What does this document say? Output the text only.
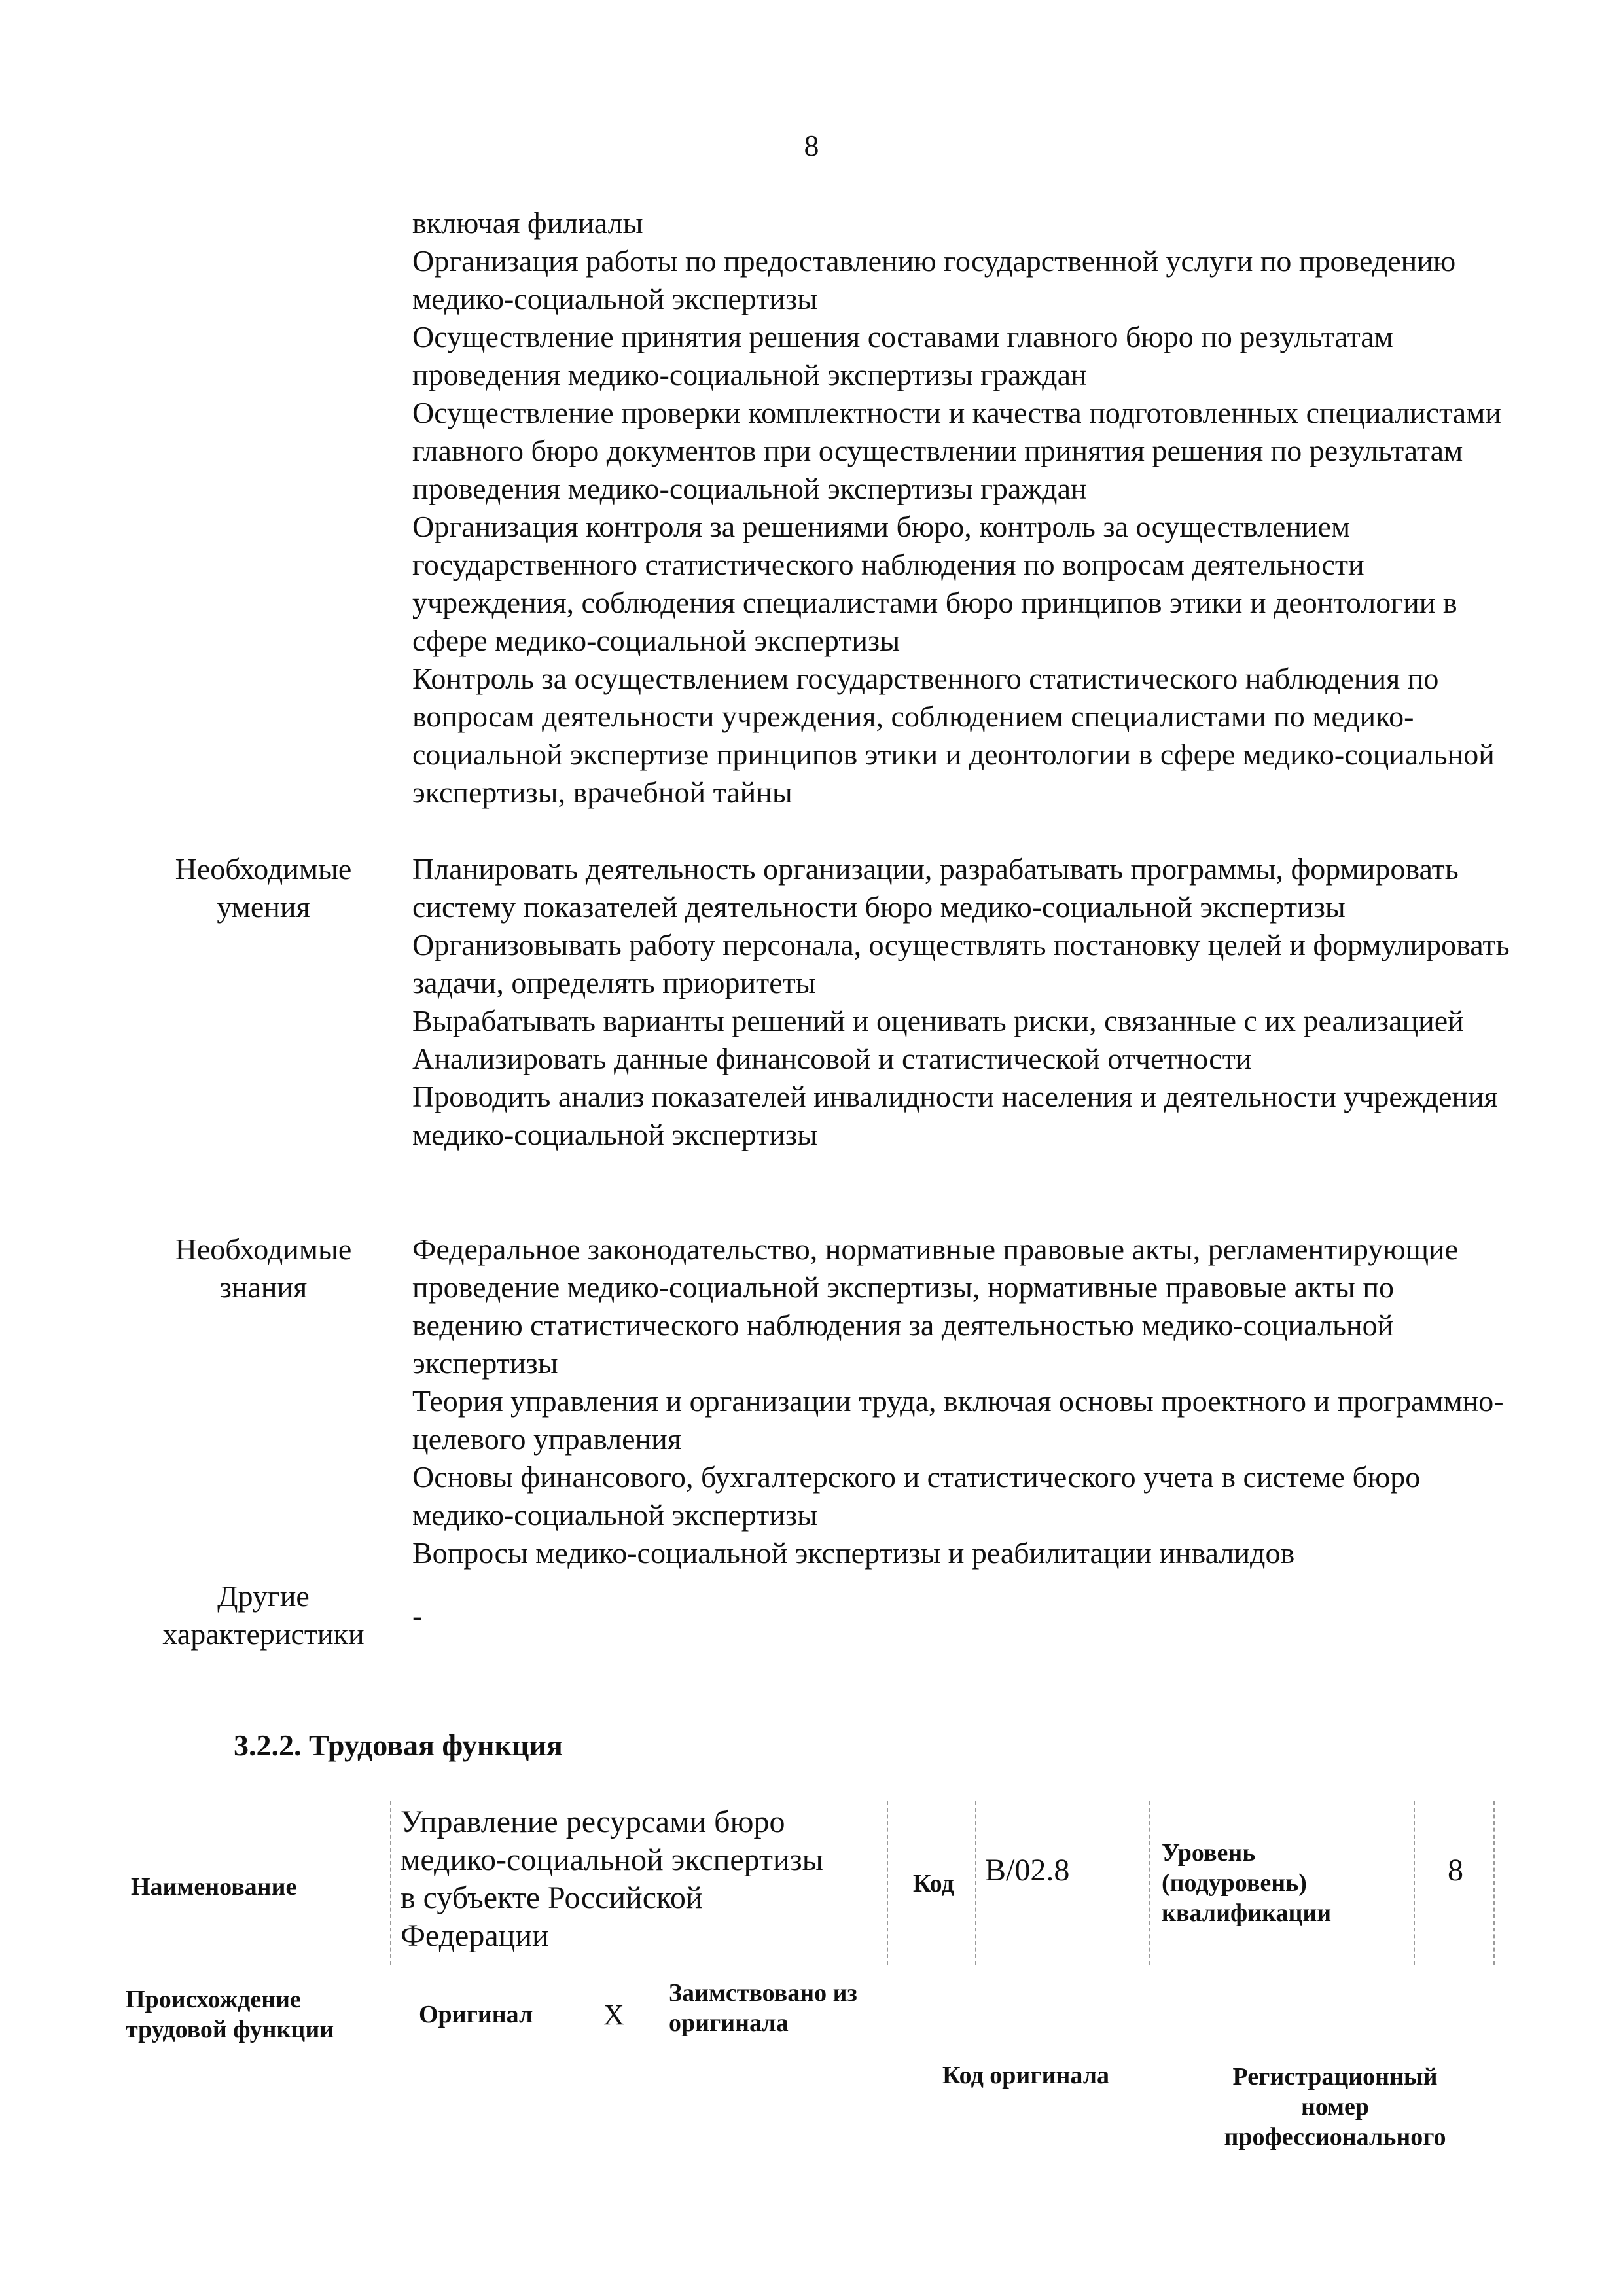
8
включая филиалы
Организация работы по предоставлению государственной услуги по проведению медико-социальной экспертизы
Осуществление принятия решения составами главного бюро по результатам проведения медико-социальной экспертизы граждан
Осуществление проверки комплектности и качества подготовленных специалистами главного бюро документов при осуществлении принятия решения по результатам проведения медико-социальной экспертизы граждан
Организация контроля за решениями бюро, контроль за осуществлением государственного статистического наблюдения по вопросам деятельности учреждения, соблюдения специалистами бюро принципов этики и деонтологии в сфере медико-социальной экспертизы
Контроль за осуществлением государственного статистического наблюдения по вопросам деятельности учреждения, соблюдением специалистами по медико-социальной экспертизе принципов этики и деонтологии в сфере медико-социальной экспертизы, врачебной тайны
Необходимые
умения
Планировать деятельность организации, разрабатывать программы, формировать систему показателей деятельности бюро медико-социальной экспертизы
Организовывать работу персонала, осуществлять постановку целей и формулировать задачи, определять приоритеты
Вырабатывать варианты решений и оценивать риски, связанные с их реализацией
Анализировать данные финансовой и статистической отчетности
Проводить анализ показателей инвалидности населения и деятельности учреждения медико-социальной экспертизы
Необходимые
знания
Федеральное законодательство, нормативные правовые акты, регламентирующие проведение медико-социальной экспертизы, нормативные правовые акты по ведению статистического наблюдения за деятельностью медико-социальной экспертизы
Теория управления и организации труда, включая основы проектного и программно-целевого управления
Основы финансового, бухгалтерского и статистического учета в системе бюро медико-социальной экспертизы
Вопросы медико-социальной экспертизы и реабилитации инвалидов
Другие
характеристики
-
3.2.2. Трудовая функция
Наименование
Управление ресурсами бюро
медико-социальной экспертизы
в субъекте Российской
Федерации
Код B/02.8	Уровень
(подуровень)
квалификации
8
Происхождение
трудовой функции
Оригинал X
Заимствовано из
оригинала
Код оригинала	Регистрационный
номер
профессионального
